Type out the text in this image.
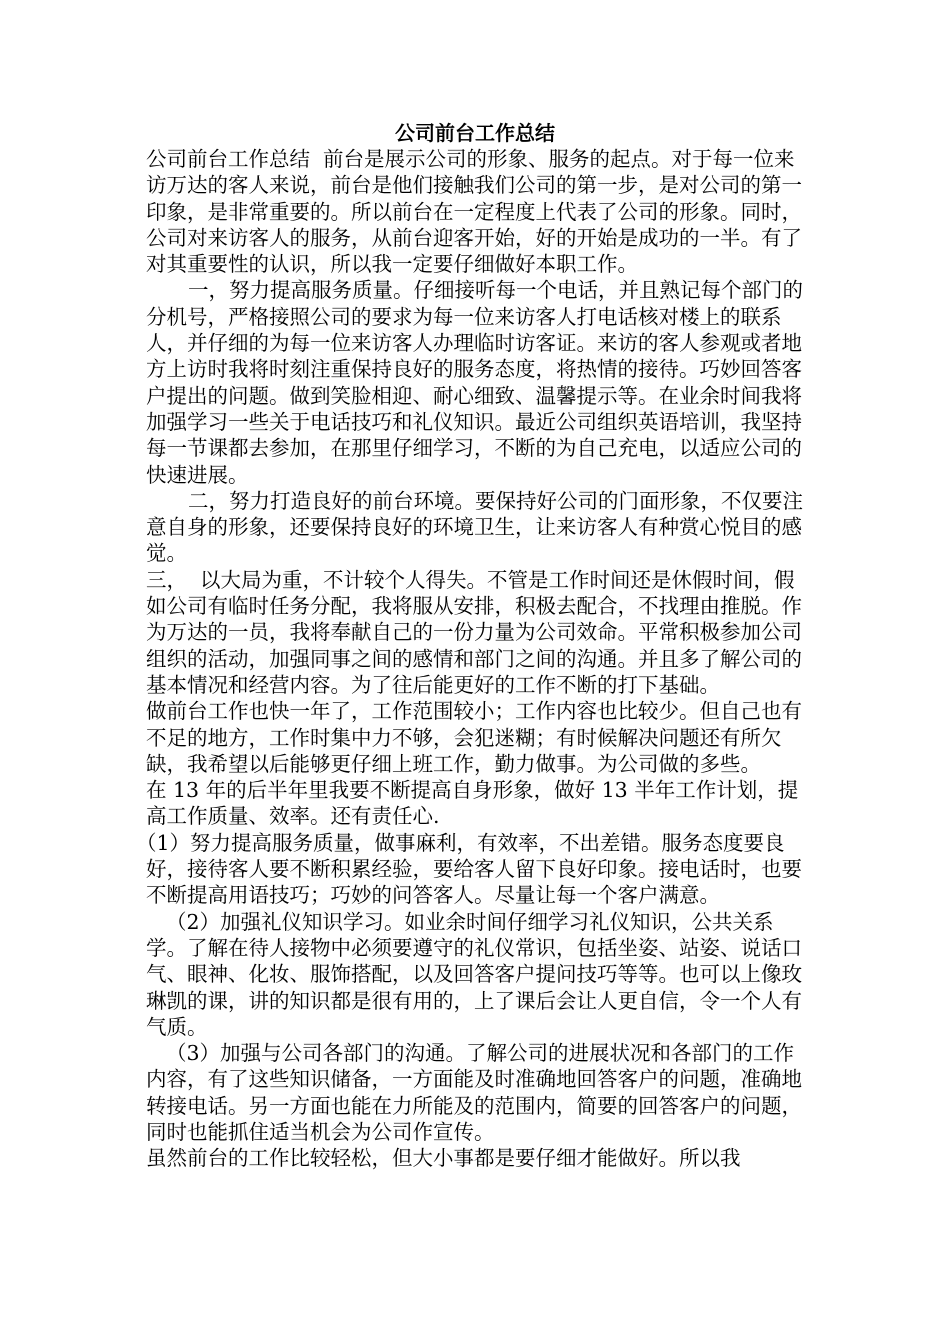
公司前台工作总结

公司前台工作总结  前台是展示公司的形象、服务的起点。对于每一位来访万达的客人来说，前台是他们接触我们公司的第一步，是对公司的第一印象，是非常重要的。所以前台在一定程度上代表了公司的形象。同时，公司对来访客人的服务，从前台迎客开始，好的开始是成功的一半。有了对其重要性的认识，所以我一定要仔细做好本职工作。

一，努力提高服务质量。仔细接听每一个电话，并且熟记每个部门的分机号，严格接照公司的要求为每一位来访客人打电话核对楼上的联系人，并仔细的为每一位来访客人办理临时访客证。来访的客人参观或者地方上访时我将时刻注重保持良好的服务态度，将热情的接待。巧妙回答客户提出的问题。做到笑脸相迎、耐心细致、温馨提示等。在业余时间我将加强学习一些关于电话技巧和礼仪知识。最近公司组织英语培训，我坚持每一节课都去参加，在那里仔细学习，不断的为自己充电，以适应公司的快速进展。

二，努力打造良好的前台环境。要保持好公司的门面形象，不仅要注意自身的形象，还要保持良好的环境卫生，让来访客人有种赏心悦目的感觉。

三，  以大局为重，不计较个人得失。不管是工作时间还是休假时间，假如公司有临时任务分配，我将服从安排，积极去配合，不找理由推脱。作为万达的一员，我将奉献自己的一份力量为公司效命。平常积极参加公司组织的活动，加强同事之间的感情和部门之间的沟通。并且多了解公司的基本情况和经营内容。为了往后能更好的工作不断的打下基础。

做前台工作也快一年了，工作范围较小；工作内容也比较少。但自己也有不足的地方，工作时集中力不够，会犯迷糊；有时候解决问题还有所欠缺，我希望以后能够更仔细上班工作，勤力做事。为公司做的多些。

在 13 年的后半年里我要不断提高自身形象，做好 13 半年工作计划，提高工作质量、效率。还有责任心.

（1）努力提高服务质量，做事麻利，有效率，不出差错。服务态度要良好，接待客人要不断积累经验，要给客人留下良好印象。接电话时，也要不断提高用语技巧；巧妙的问答客人。尽量让每一个客户满意。

（2）加强礼仪知识学习。如业余时间仔细学习礼仪知识，公共关系学。了解在待人接物中必须要遵守的礼仪常识，包括坐姿、站姿、说话口气、眼神、化妆、服饰搭配，以及回答客户提问技巧等等。也可以上像玫琳凯的课，讲的知识都是很有用的，上了课后会让人更自信，令一个人有气质。

（3）加强与公司各部门的沟通。了解公司的进展状况和各部门的工作内容，有了这些知识储备，一方面能及时准确地回答客户的问题，准确地转接电话。另一方面也能在力所能及的范围内，简要的回答客户的问题，同时也能抓住适当机会为公司作宣传。

虽然前台的工作比较轻松，但大小事都是要仔细才能做好。所以我
